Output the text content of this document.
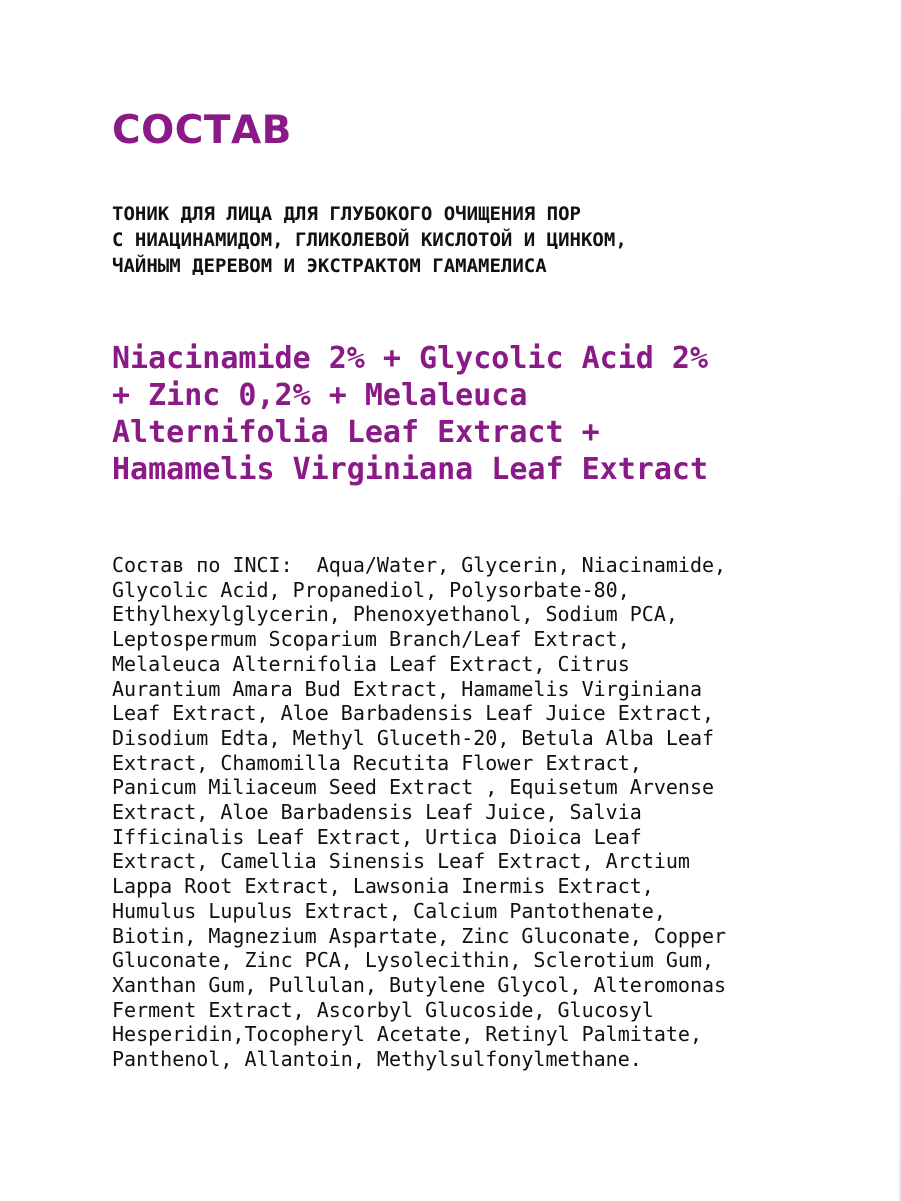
СОСТАВ
ТОНИК ДЛЯ ЛИЦА ДЛЯ ГЛУБОКОГО ОЧИЩЕНИЯ ПОР
С НИАЦИНАМИДОМ, ГЛИКОЛЕВОЙ КИСЛОТОЙ И ЦИНКОМ,
ЧАЙНЫМ ДЕРЕВОМ И ЭКСТРАКТОМ ГАМАМЕЛИСА
Niacinamide 2% + Glycolic Acid 2%
+ Zinc 0,2% + Melaleuca
Alternifolia Leaf Extract +
Hamamelis Virginiana Leaf Extract
Состав по INCI:  Aqua/Water, Glycerin, Niacinamide,
Glycolic Acid, Propanediol, Polysorbate-80,
Ethylhexylglycerin, Phenoxyethanol, Sodium PCA,
Leptospermum Scoparium Branch/Leaf Extract,
Melaleuca Alternifolia Leaf Extract, Citrus
Aurantium Amara Bud Extract, Hamamelis Virginiana
Leaf Extract, Aloe Barbadensis Leaf Juice Extract,
Disodium Edta, Methyl Gluceth-20, Betula Alba Leaf
Extract, Chamomilla Recutita Flower Extract,
Panicum Miliaceum Seed Extract , Equisetum Arvense
Extract, Aloe Barbadensis Leaf Juice, Salvia
Ifficinalis Leaf Extract, Urtica Dioica Leaf
Extract, Camellia Sinensis Leaf Extract, Arctium
Lappa Root Extract, Lawsonia Inermis Extract,
Humulus Lupulus Extract, Calcium Pantothenate,
Biotin, Magnezium Aspartate, Zinc Gluconate, Copper
Gluconate, Zinc PCA, Lysolecithin, Sclerotium Gum,
Xanthan Gum, Pullulan, Butylene Glycol, Alteromonas
Ferment Extract, Ascorbyl Glucoside, Glucosyl
Hesperidin,Tocopheryl Acetate, Retinyl Palmitate,
Panthenol, Allantoin, Methylsulfonylmethane.
